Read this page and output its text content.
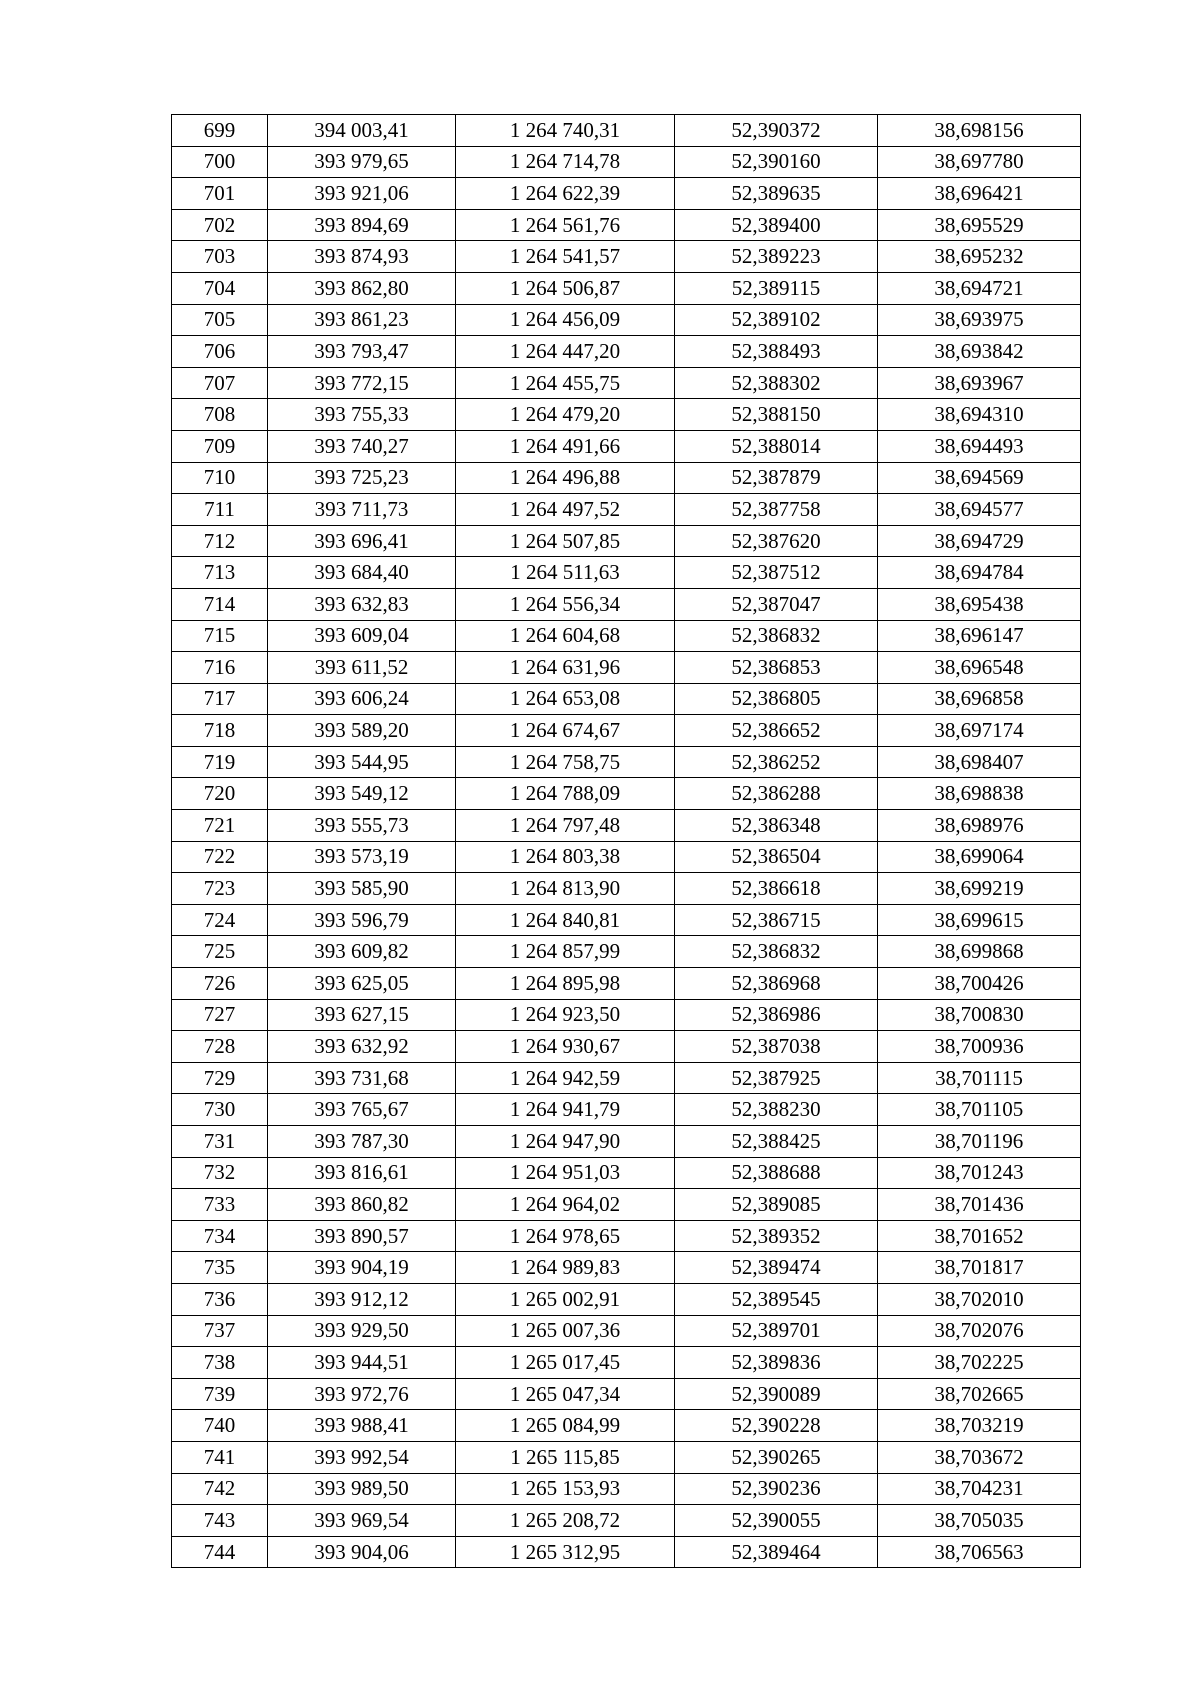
699	394 003,41	1 264 740,31	52,390372	38,698156
700	393 979,65	1 264 714,78	52,390160	38,697780
701	393 921,06	1 264 622,39	52,389635	38,696421
702	393 894,69	1 264 561,76	52,389400	38,695529
703	393 874,93	1 264 541,57	52,389223	38,695232
704	393 862,80	1 264 506,87	52,389115	38,694721
705	393 861,23	1 264 456,09	52,389102	38,693975
706	393 793,47	1 264 447,20	52,388493	38,693842
707	393 772,15	1 264 455,75	52,388302	38,693967
708	393 755,33	1 264 479,20	52,388150	38,694310
709	393 740,27	1 264 491,66	52,388014	38,694493
710	393 725,23	1 264 496,88	52,387879	38,694569
711	393 711,73	1 264 497,52	52,387758	38,694577
712	393 696,41	1 264 507,85	52,387620	38,694729
713	393 684,40	1 264 511,63	52,387512	38,694784
714	393 632,83	1 264 556,34	52,387047	38,695438
715	393 609,04	1 264 604,68	52,386832	38,696147
716	393 611,52	1 264 631,96	52,386853	38,696548
717	393 606,24	1 264 653,08	52,386805	38,696858
718	393 589,20	1 264 674,67	52,386652	38,697174
719	393 544,95	1 264 758,75	52,386252	38,698407
720	393 549,12	1 264 788,09	52,386288	38,698838
721	393 555,73	1 264 797,48	52,386348	38,698976
722	393 573,19	1 264 803,38	52,386504	38,699064
723	393 585,90	1 264 813,90	52,386618	38,699219
724	393 596,79	1 264 840,81	52,386715	38,699615
725	393 609,82	1 264 857,99	52,386832	38,699868
726	393 625,05	1 264 895,98	52,386968	38,700426
727	393 627,15	1 264 923,50	52,386986	38,700830
728	393 632,92	1 264 930,67	52,387038	38,700936
729	393 731,68	1 264 942,59	52,387925	38,701115
730	393 765,67	1 264 941,79	52,388230	38,701105
731	393 787,30	1 264 947,90	52,388425	38,701196
732	393 816,61	1 264 951,03	52,388688	38,701243
733	393 860,82	1 264 964,02	52,389085	38,701436
734	393 890,57	1 264 978,65	52,389352	38,701652
735	393 904,19	1 264 989,83	52,389474	38,701817
736	393 912,12	1 265 002,91	52,389545	38,702010
737	393 929,50	1 265 007,36	52,389701	38,702076
738	393 944,51	1 265 017,45	52,389836	38,702225
739	393 972,76	1 265 047,34	52,390089	38,702665
740	393 988,41	1 265 084,99	52,390228	38,703219
741	393 992,54	1 265 115,85	52,390265	38,703672
742	393 989,50	1 265 153,93	52,390236	38,704231
743	393 969,54	1 265 208,72	52,390055	38,705035
744	393 904,06	1 265 312,95	52,389464	38,706563
